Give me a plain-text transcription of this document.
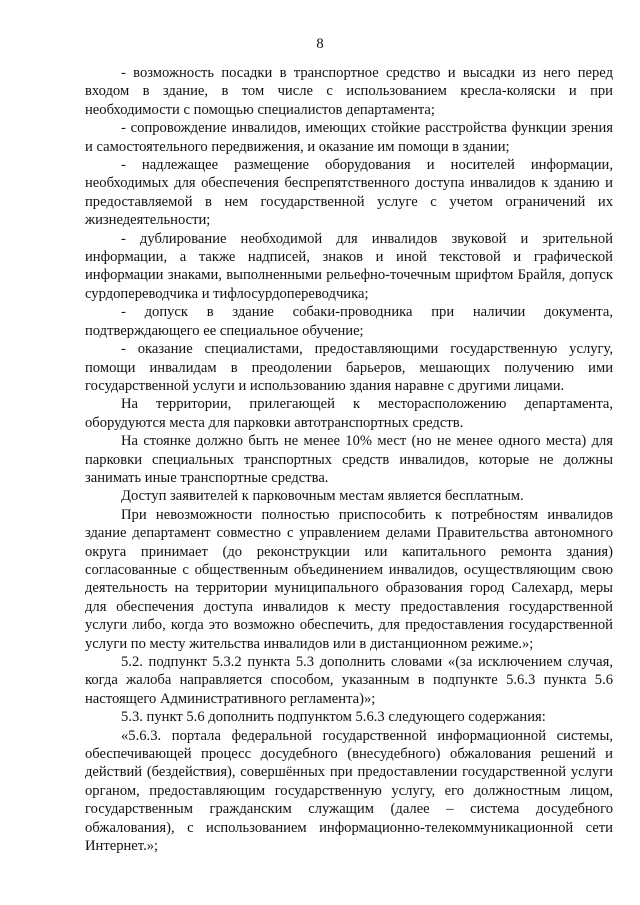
8

- возможность посадки в транспортное средство и высадки из него перед входом в здание, в том числе с использованием кресла-коляски и при необходимости с помощью специалистов департамента;

- сопровождение инвалидов, имеющих стойкие расстройства функции зрения и самостоятельного передвижения, и оказание им помощи в здании;

- надлежащее размещение оборудования и носителей информации, необходимых для обеспечения беспрепятственного доступа инвалидов к зданию и предоставляемой в нем государственной услуге с учетом ограничений их жизнедеятельности;

- дублирование необходимой для инвалидов звуковой и зрительной информации, а также надписей, знаков и иной текстовой и графической информации знаками, выполненными рельефно-точечным шрифтом Брайля, допуск сурдопереводчика и тифлосурдопереводчика;

- допуск в здание собаки-проводника при наличии документа, подтверждающего ее специальное обучение;

- оказание специалистами, предоставляющими государственную услугу, помощи инвалидам в преодолении барьеров, мешающих получению ими государственной услуги и использованию здания наравне с другими лицами.

На территории, прилегающей к месторасположению департамента, оборудуются места для парковки автотранспортных средств.

На стоянке должно быть не менее 10% мест (но не менее одного места) для парковки специальных транспортных средств инвалидов, которые не должны занимать иные транспортные средства.

Доступ заявителей к парковочным местам является бесплатным.

При невозможности полностью приспособить к потребностям инвалидов здание департамент совместно с управлением делами Правительства автономного округа принимает (до реконструкции или капитального ремонта здания) согласованные с общественным объединением инвалидов, осуществляющим свою деятельность на территории муниципального образования город Салехард, меры для обеспечения доступа инвалидов к месту предоставления государственной услуги либо, когда это возможно обеспечить, для предоставления государственной услуги по месту жительства инвалидов или в дистанционном режиме.»;

5.2. подпункт 5.3.2 пункта 5.3 дополнить словами «(за исключением случая, когда жалоба направляется способом, указанным в подпункте 5.6.3 пункта 5.6 настоящего Административного регламента)»;

5.3. пункт 5.6 дополнить подпунктом 5.6.3 следующего содержания:

«5.6.3. портала федеральной государственной информационной системы, обеспечивающей процесс досудебного (внесудебного) обжалования решений и действий (бездействия), совершённых при предоставлении государственной услуги органом, предоставляющим государственную услугу, его должностным лицом, государственным гражданским служащим (далее – система досудебного обжалования), с использованием информационно-телекоммуникационной сети Интернет.»;
